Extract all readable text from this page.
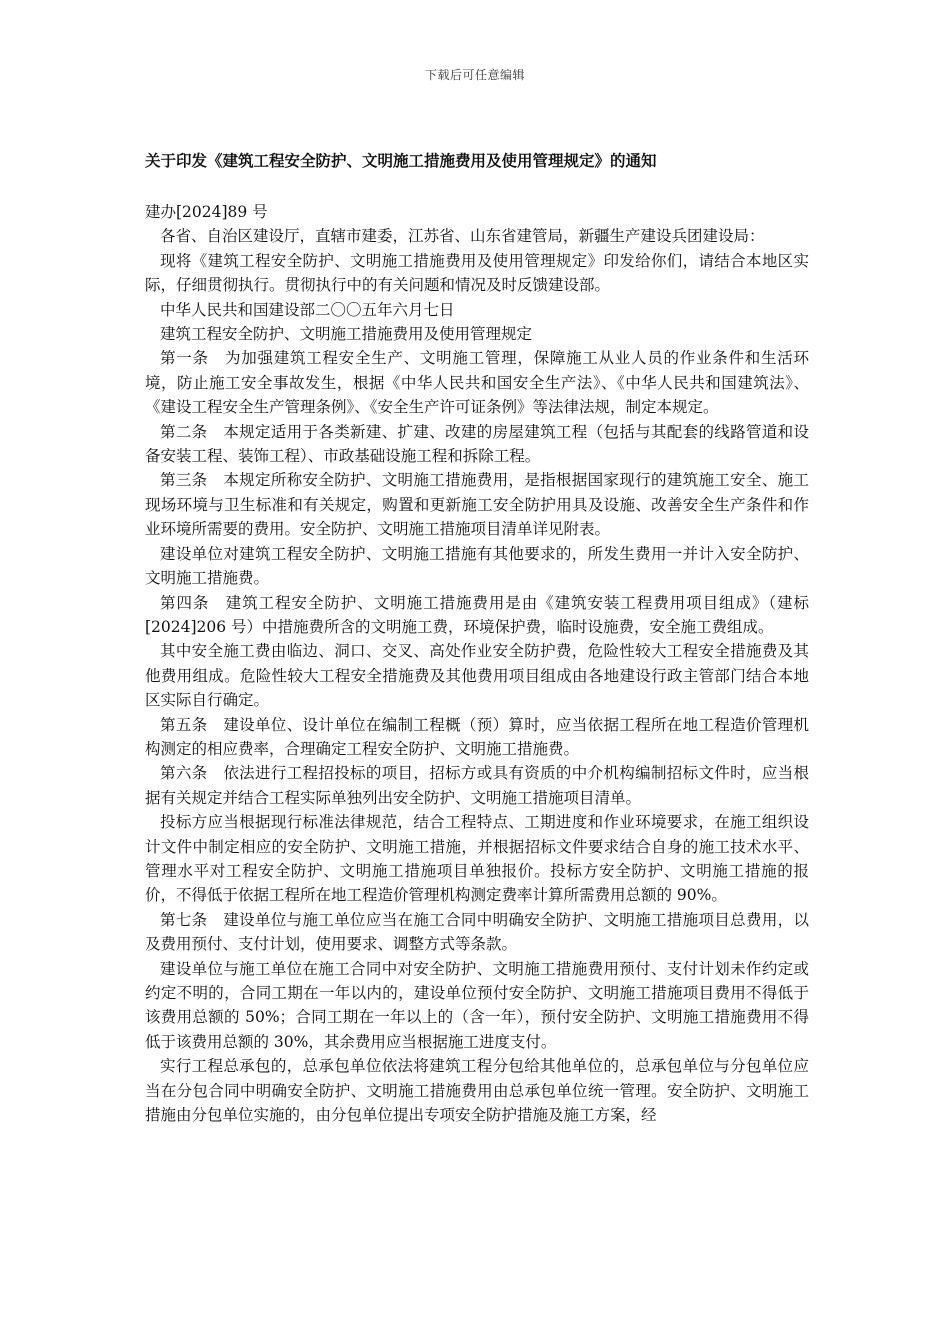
下载后可任意编辑
关于印发《建筑工程安全防护、文明施工措施费用及使用管理规定》的通知

建办[2024]89 号

各省、自治区建设厅，直辖市建委，江苏省、山东省建管局，新疆生产建设兵团建设局：

现将《建筑工程安全防护、文明施工措施费用及使用管理规定》印发给你们，请结合本地区实际，仔细贯彻执行。贯彻执行中的有关问题和情况及时反馈建设部。

中华人民共和国建设部二〇〇五年六月七日

建筑工程安全防护、文明施工措施费用及使用管理规定

第一条　为加强建筑工程安全生产、文明施工管理，保障施工从业人员的作业条件和生活环境，防止施工安全事故发生，根据《中华人民共和国安全生产法》、《中华人民共和国建筑法》、《建设工程安全生产管理条例》、《安全生产许可证条例》等法律法规，制定本规定。

第二条　本规定适用于各类新建、扩建、改建的房屋建筑工程（包括与其配套的线路管道和设备安装工程、装饰工程）、市政基础设施工程和拆除工程。

第三条　本规定所称安全防护、文明施工措施费用，是指根据国家现行的建筑施工安全、施工现场环境与卫生标准和有关规定，购置和更新施工安全防护用具及设施、改善安全生产条件和作业环境所需要的费用。安全防护、文明施工措施项目清单详见附表。

建设单位对建筑工程安全防护、文明施工措施有其他要求的，所发生费用一并计入安全防护、文明施工措施费。

第四条　建筑工程安全防护、文明施工措施费用是由《建筑安装工程费用项目组成》（建标[2024]206 号）中措施费所含的文明施工费，环境保护费，临时设施费，安全施工费组成。

其中安全施工费由临边、洞口、交叉、高处作业安全防护费，危险性较大工程安全措施费及其他费用组成。危险性较大工程安全措施费及其他费用项目组成由各地建设行政主管部门结合本地区实际自行确定。

第五条　建设单位、设计单位在编制工程概（预）算时，应当依据工程所在地工程造价管理机构测定的相应费率，合理确定工程安全防护、文明施工措施费。

第六条　依法进行工程招投标的项目，招标方或具有资质的中介机构编制招标文件时，应当根据有关规定并结合工程实际单独列出安全防护、文明施工措施项目清单。

投标方应当根据现行标准法律规范，结合工程特点、工期进度和作业环境要求，在施工组织设计文件中制定相应的安全防护、文明施工措施，并根据招标文件要求结合自身的施工技术水平、管理水平对工程安全防护、文明施工措施项目单独报价。投标方安全防护、文明施工措施的报价，不得低于依据工程所在地工程造价管理机构测定费率计算所需费用总额的 90%。

第七条　建设单位与施工单位应当在施工合同中明确安全防护、文明施工措施项目总费用，以及费用预付、支付计划，使用要求、调整方式等条款。

建设单位与施工单位在施工合同中对安全防护、文明施工措施费用预付、支付计划未作约定或约定不明的，合同工期在一年以内的，建设单位预付安全防护、文明施工措施项目费用不得低于该费用总额的 50%；合同工期在一年以上的（含一年），预付安全防护、文明施工措施费用不得低于该费用总额的 30%，其余费用应当根据施工进度支付。

实行工程总承包的，总承包单位依法将建筑工程分包给其他单位的，总承包单位与分包单位应当在分包合同中明确安全防护、文明施工措施费用由总承包单位统一管理。安全防护、文明施工措施由分包单位实施的，由分包单位提出专项安全防护措施及施工方案，经
